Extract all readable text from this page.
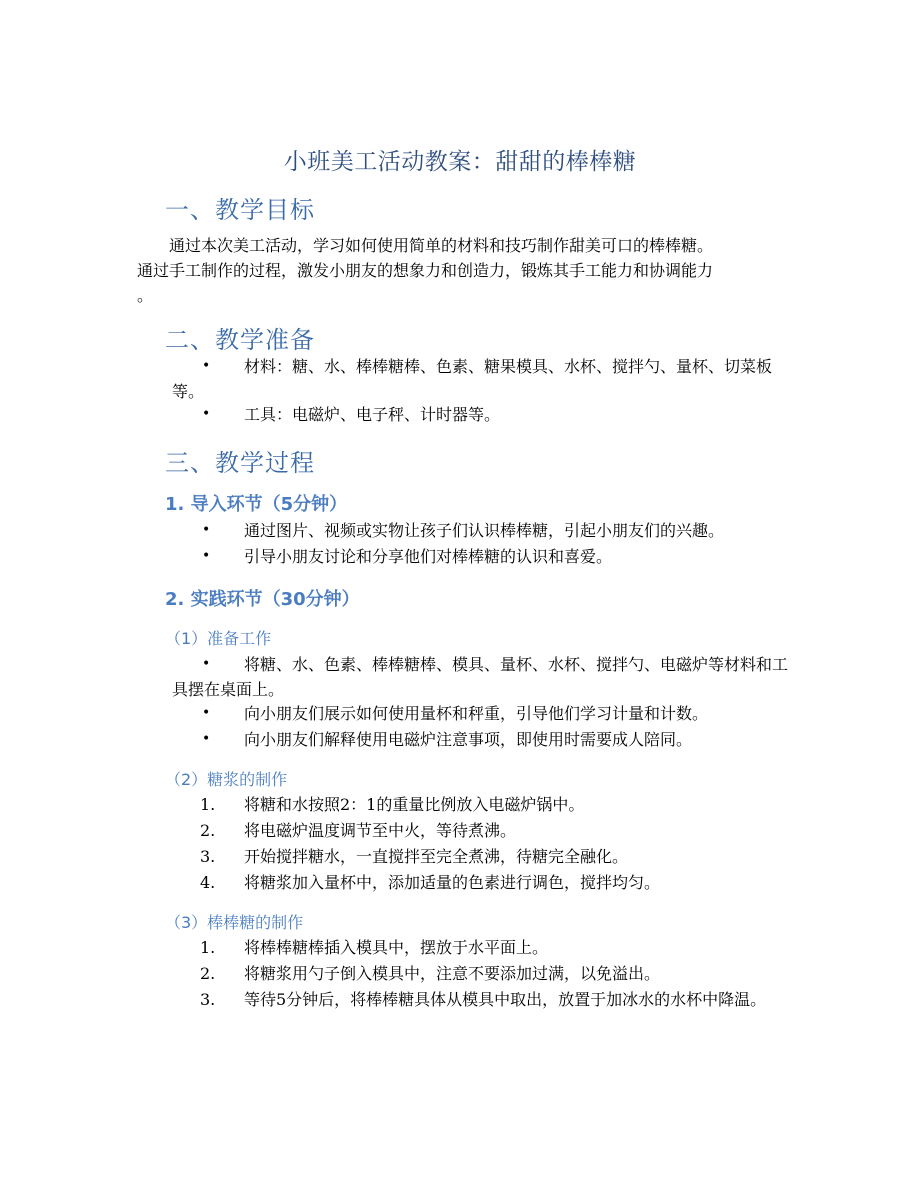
小班美工活动教案：甜甜的棒棒糖
一、教学目标
通过本次美工活动，学习如何使用简单的材料和技巧制作甜美可口的棒棒糖。
通过手工制作的过程，激发小朋友的想象力和创造力，锻炼其手工能力和协调能力
。
二、教学准备
•	材料：糖、水、棒棒糖棒、色素、糖果模具、水杯、搅拌勺、量杯、切菜板等。
•	工具：电磁炉、电子秤、计时器等。
三、教学过程
1. 导入环节（5分钟）
•	通过图片、视频或实物让孩子们认识棒棒糖，引起小朋友们的兴趣。
•	引导小朋友讨论和分享他们对棒棒糖的认识和喜爱。
2. 实践环节（30分钟）
（1）准备工作
•	将糖、水、色素、棒棒糖棒、模具、量杯、水杯、搅拌勺、电磁炉等材料和工具摆在桌面上。
•	向小朋友们展示如何使用量杯和秤重，引导他们学习计量和计数。
•	向小朋友们解释使用电磁炉注意事项，即使用时需要成人陪同。
（2）糖浆的制作
1.	将糖和水按照2：1的重量比例放入电磁炉锅中。
2.	将电磁炉温度调节至中火，等待煮沸。
3.	开始搅拌糖水，一直搅拌至完全煮沸，待糖完全融化。
4.	将糖浆加入量杯中，添加适量的色素进行调色，搅拌均匀。
（3）棒棒糖的制作
1.	将棒棒糖棒插入模具中，摆放于水平面上。
2.	将糖浆用勺子倒入模具中，注意不要添加过满，以免溢出。
3.	等待5分钟后，将棒棒糖具体从模具中取出，放置于加冰水的水杯中降温。
